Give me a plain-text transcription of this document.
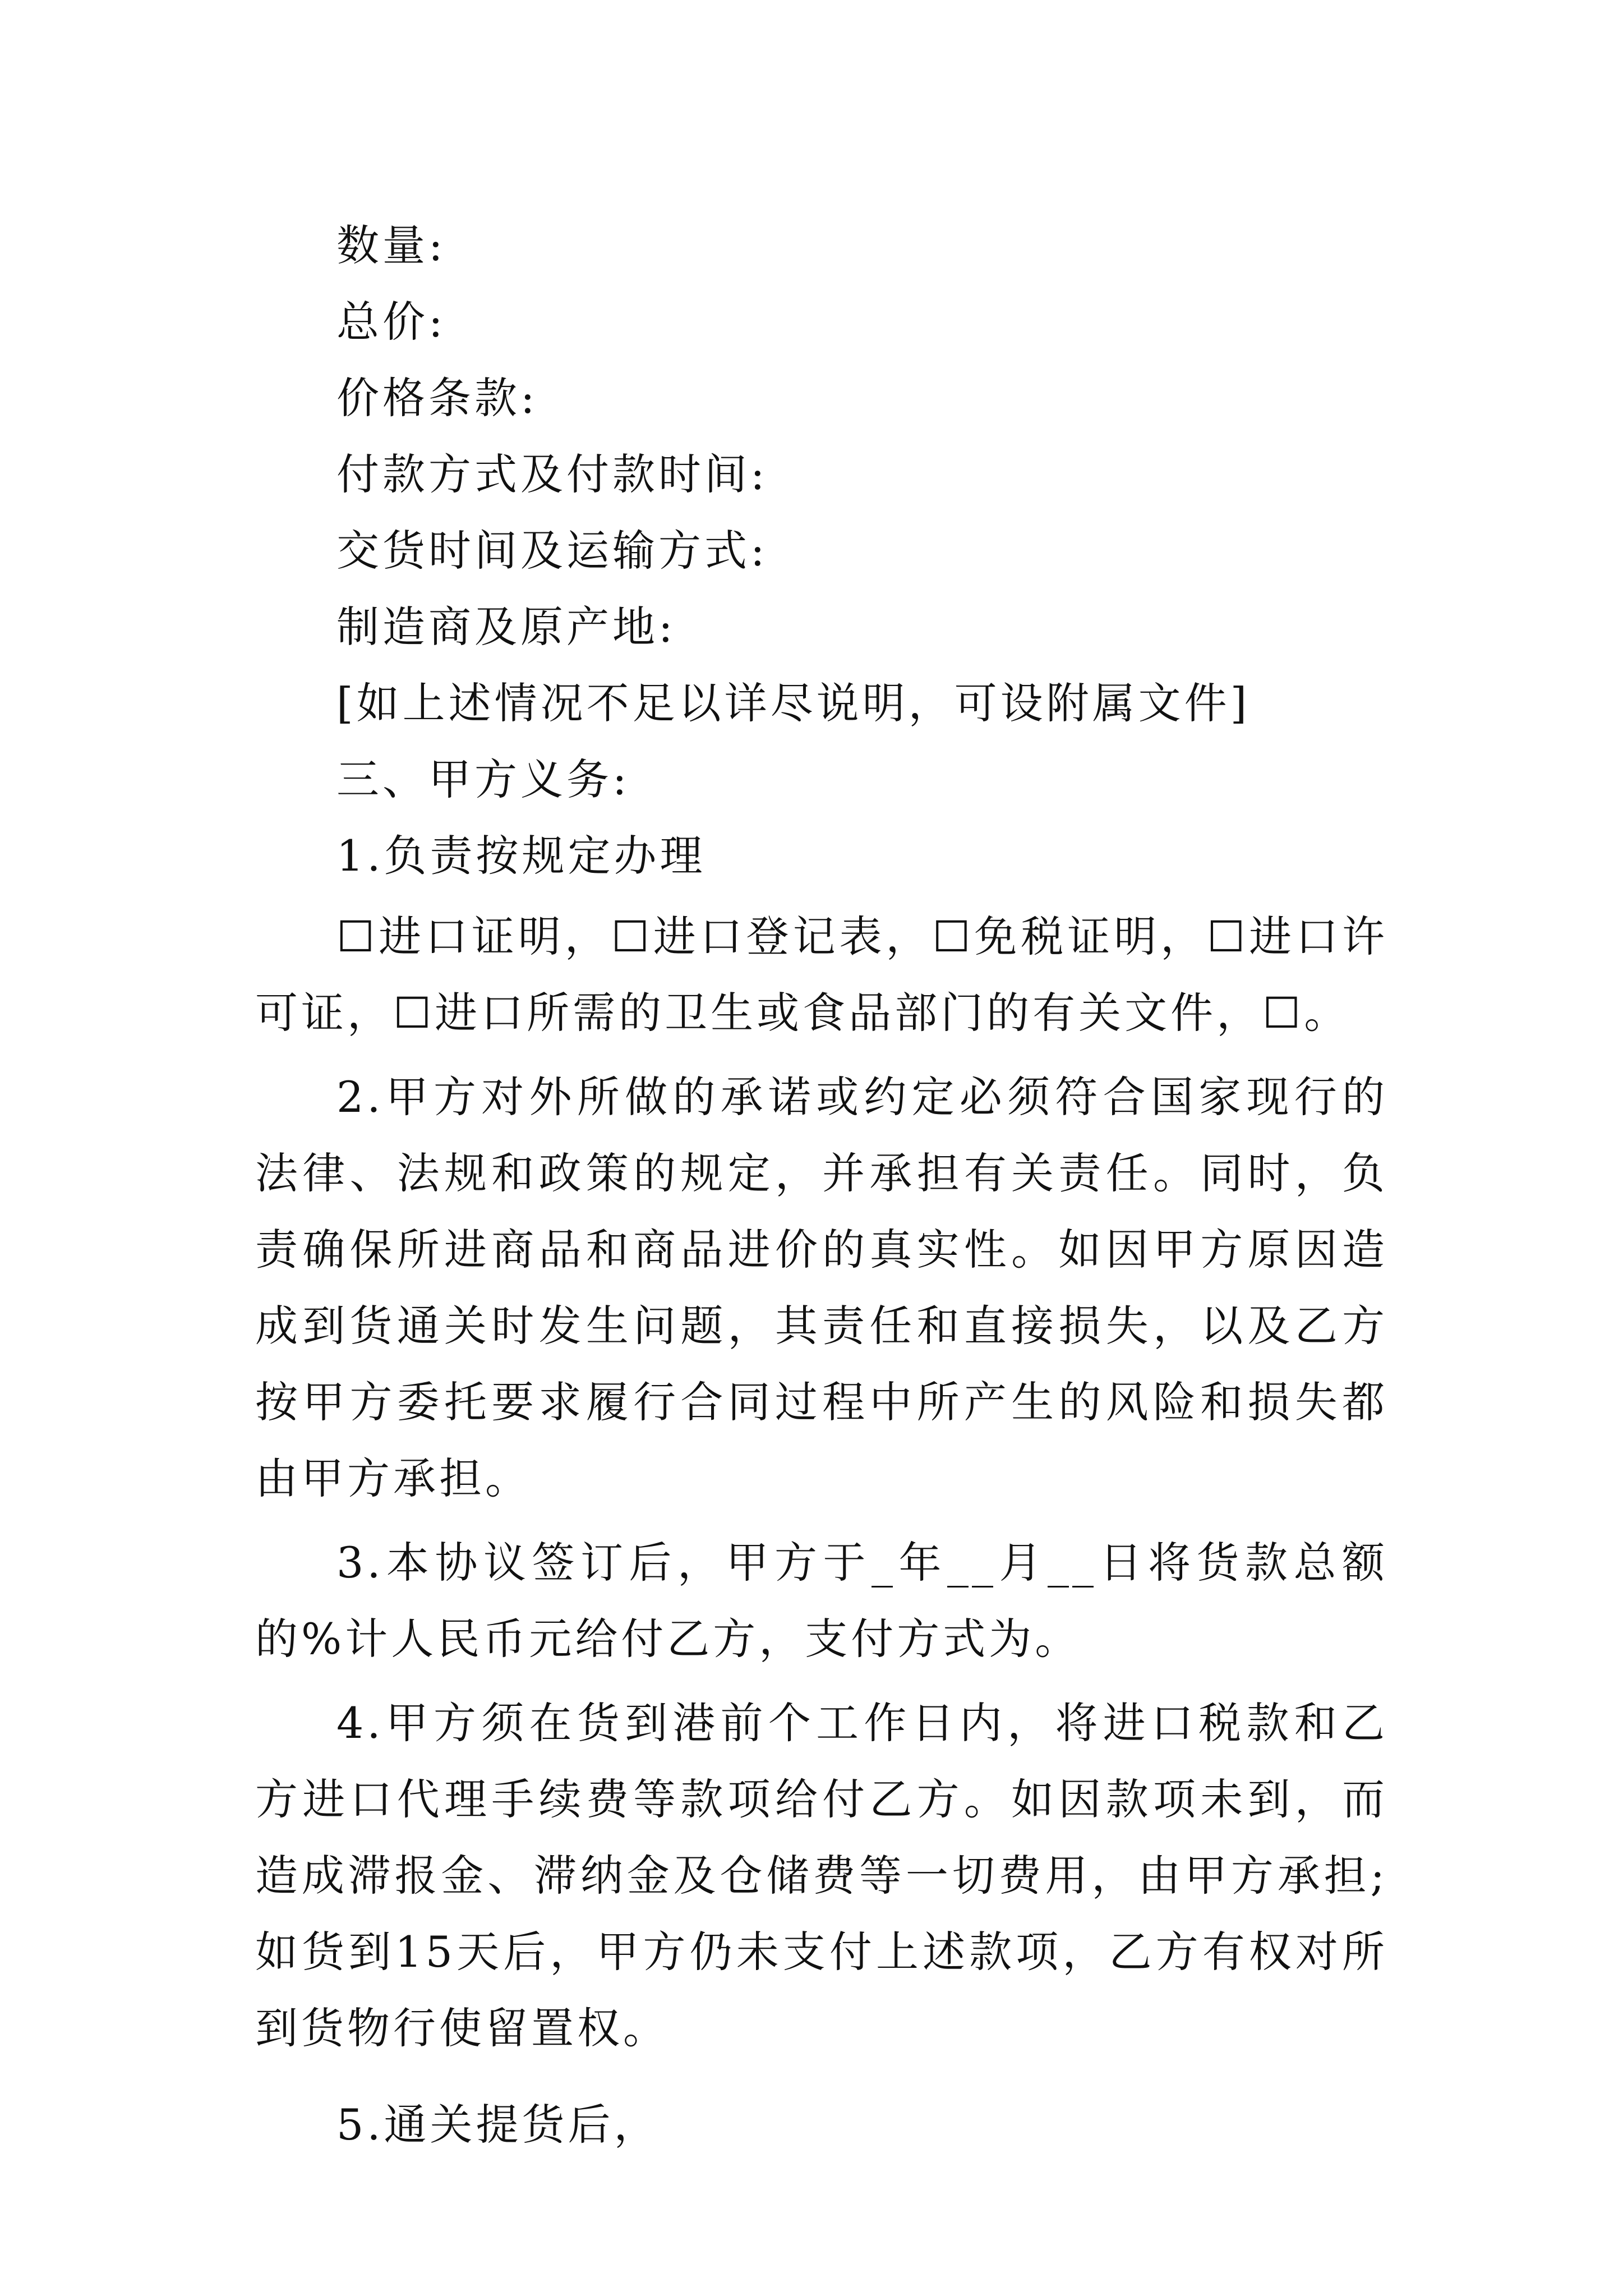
数量:

总价:

价格条款:

付款方式及付款时间:

交货时间及运输方式:

制造商及原产地:

[如上述情况不足以详尽说明，可设附属文件]

三、甲方义务:

1.负责按规定办理

☐进口证明，☐进口登记表，☐免税证明，☐进口许可证，☐进口所需的卫生或食品部门的有关文件，☐。

2.甲方对外所做的承诺或约定必须符合国家现行的法律、法规和政策的规定，并承担有关责任。同时，负责确保所进商品和商品进价的真实性。如因甲方原因造成到货通关时发生问题，其责任和直接损失，以及乙方按甲方委托要求履行合同过程中所产生的风险和损失都由甲方承担。

3.本协议签订后，甲方于_年__月__日将货款总额的%计人民币元给付乙方，支付方式为。

4.甲方须在货到港前个工作日内，将进口税款和乙方进口代理手续费等款项给付乙方。如因款项未到，而造成滞报金、滞纳金及仓储费等一切费用，由甲方承担;如货到15天后，甲方仍未支付上述款项，乙方有权对所到货物行使留置权。

5.通关提货后，
